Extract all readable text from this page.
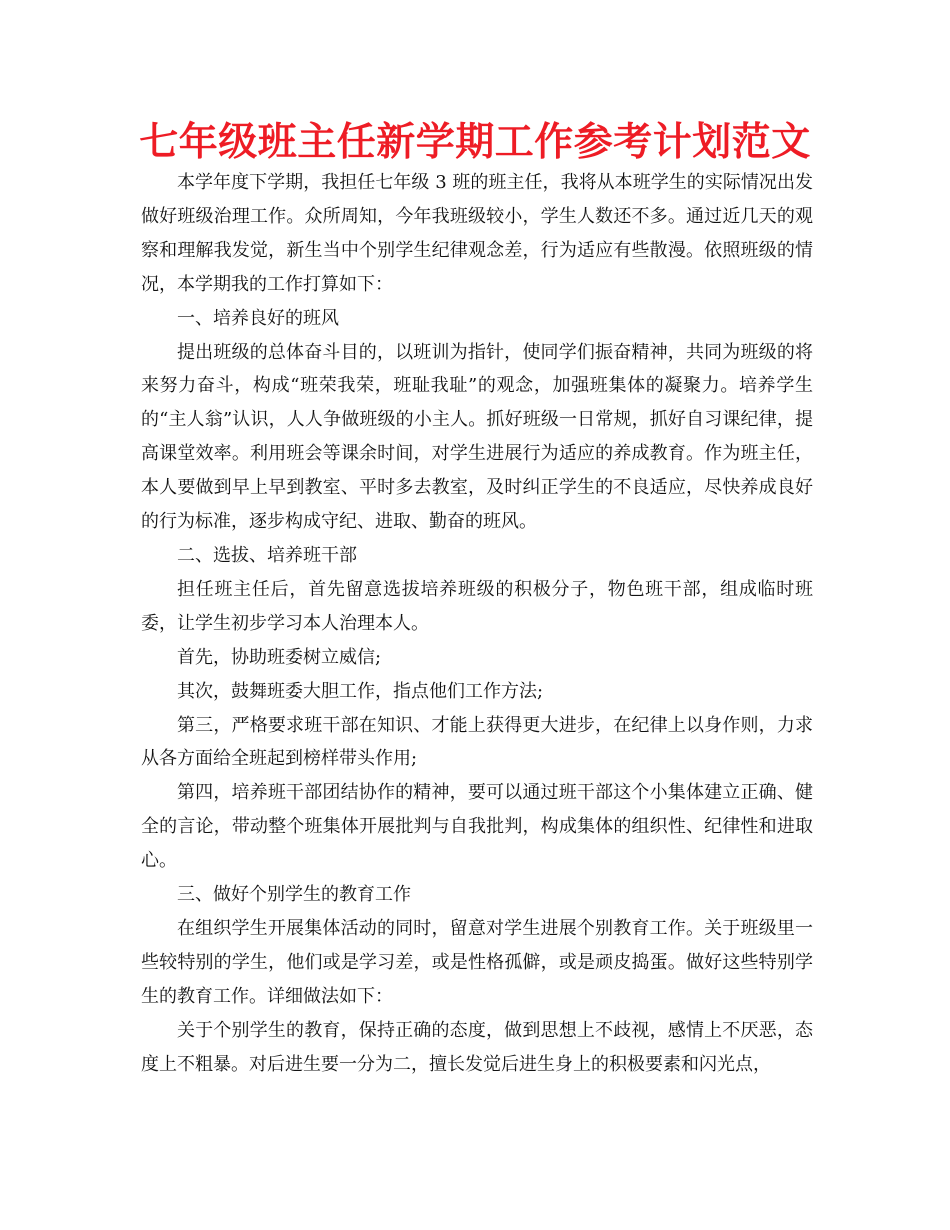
七年级班主任新学期工作参考计划范文

本学年度下学期，我担任七年级 3 班的班主任，我将从本班学生的实际情况出发做好班级治理工作。众所周知，今年我班级较小，学生人数还不多。通过近几天的观察和理解我发觉，新生当中个别学生纪律观念差，行为适应有些散漫。依照班级的情况，本学期我的工作打算如下：

一、培养良好的班风

提出班级的总体奋斗目的，以班训为指针，使同学们振奋精神，共同为班级的将来努力奋斗，构成“班荣我荣，班耻我耻”的观念，加强班集体的凝聚力。培养学生的“主人翁”认识，人人争做班级的小主人。抓好班级一日常规，抓好自习课纪律，提高课堂效率。利用班会等课余时间，对学生进展行为适应的养成教育。作为班主任，本人要做到早上早到教室、平时多去教室，及时纠正学生的不良适应，尽快养成良好的行为标准，逐步构成守纪、进取、勤奋的班风。

二、选拔、培养班干部

担任班主任后，首先留意选拔培养班级的积极分子，物色班干部，组成临时班委，让学生初步学习本人治理本人。

首先，协助班委树立威信;

其次，鼓舞班委大胆工作，指点他们工作方法;

第三，严格要求班干部在知识、才能上获得更大进步，在纪律上以身作则，力求从各方面给全班起到榜样带头作用;

第四，培养班干部团结协作的精神，要可以通过班干部这个小集体建立正确、健全的言论，带动整个班集体开展批判与自我批判，构成集体的组织性、纪律性和进取心。

三、做好个别学生的教育工作

在组织学生开展集体活动的同时，留意对学生进展个别教育工作。关于班级里一些较特别的学生，他们或是学习差，或是性格孤僻，或是顽皮捣蛋。做好这些特别学生的教育工作。详细做法如下：

关于个别学生的教育，保持正确的态度，做到思想上不歧视，感情上不厌恶，态度上不粗暴。对后进生要一分为二，擅长发觉后进生身上的积极要素和闪光点，
